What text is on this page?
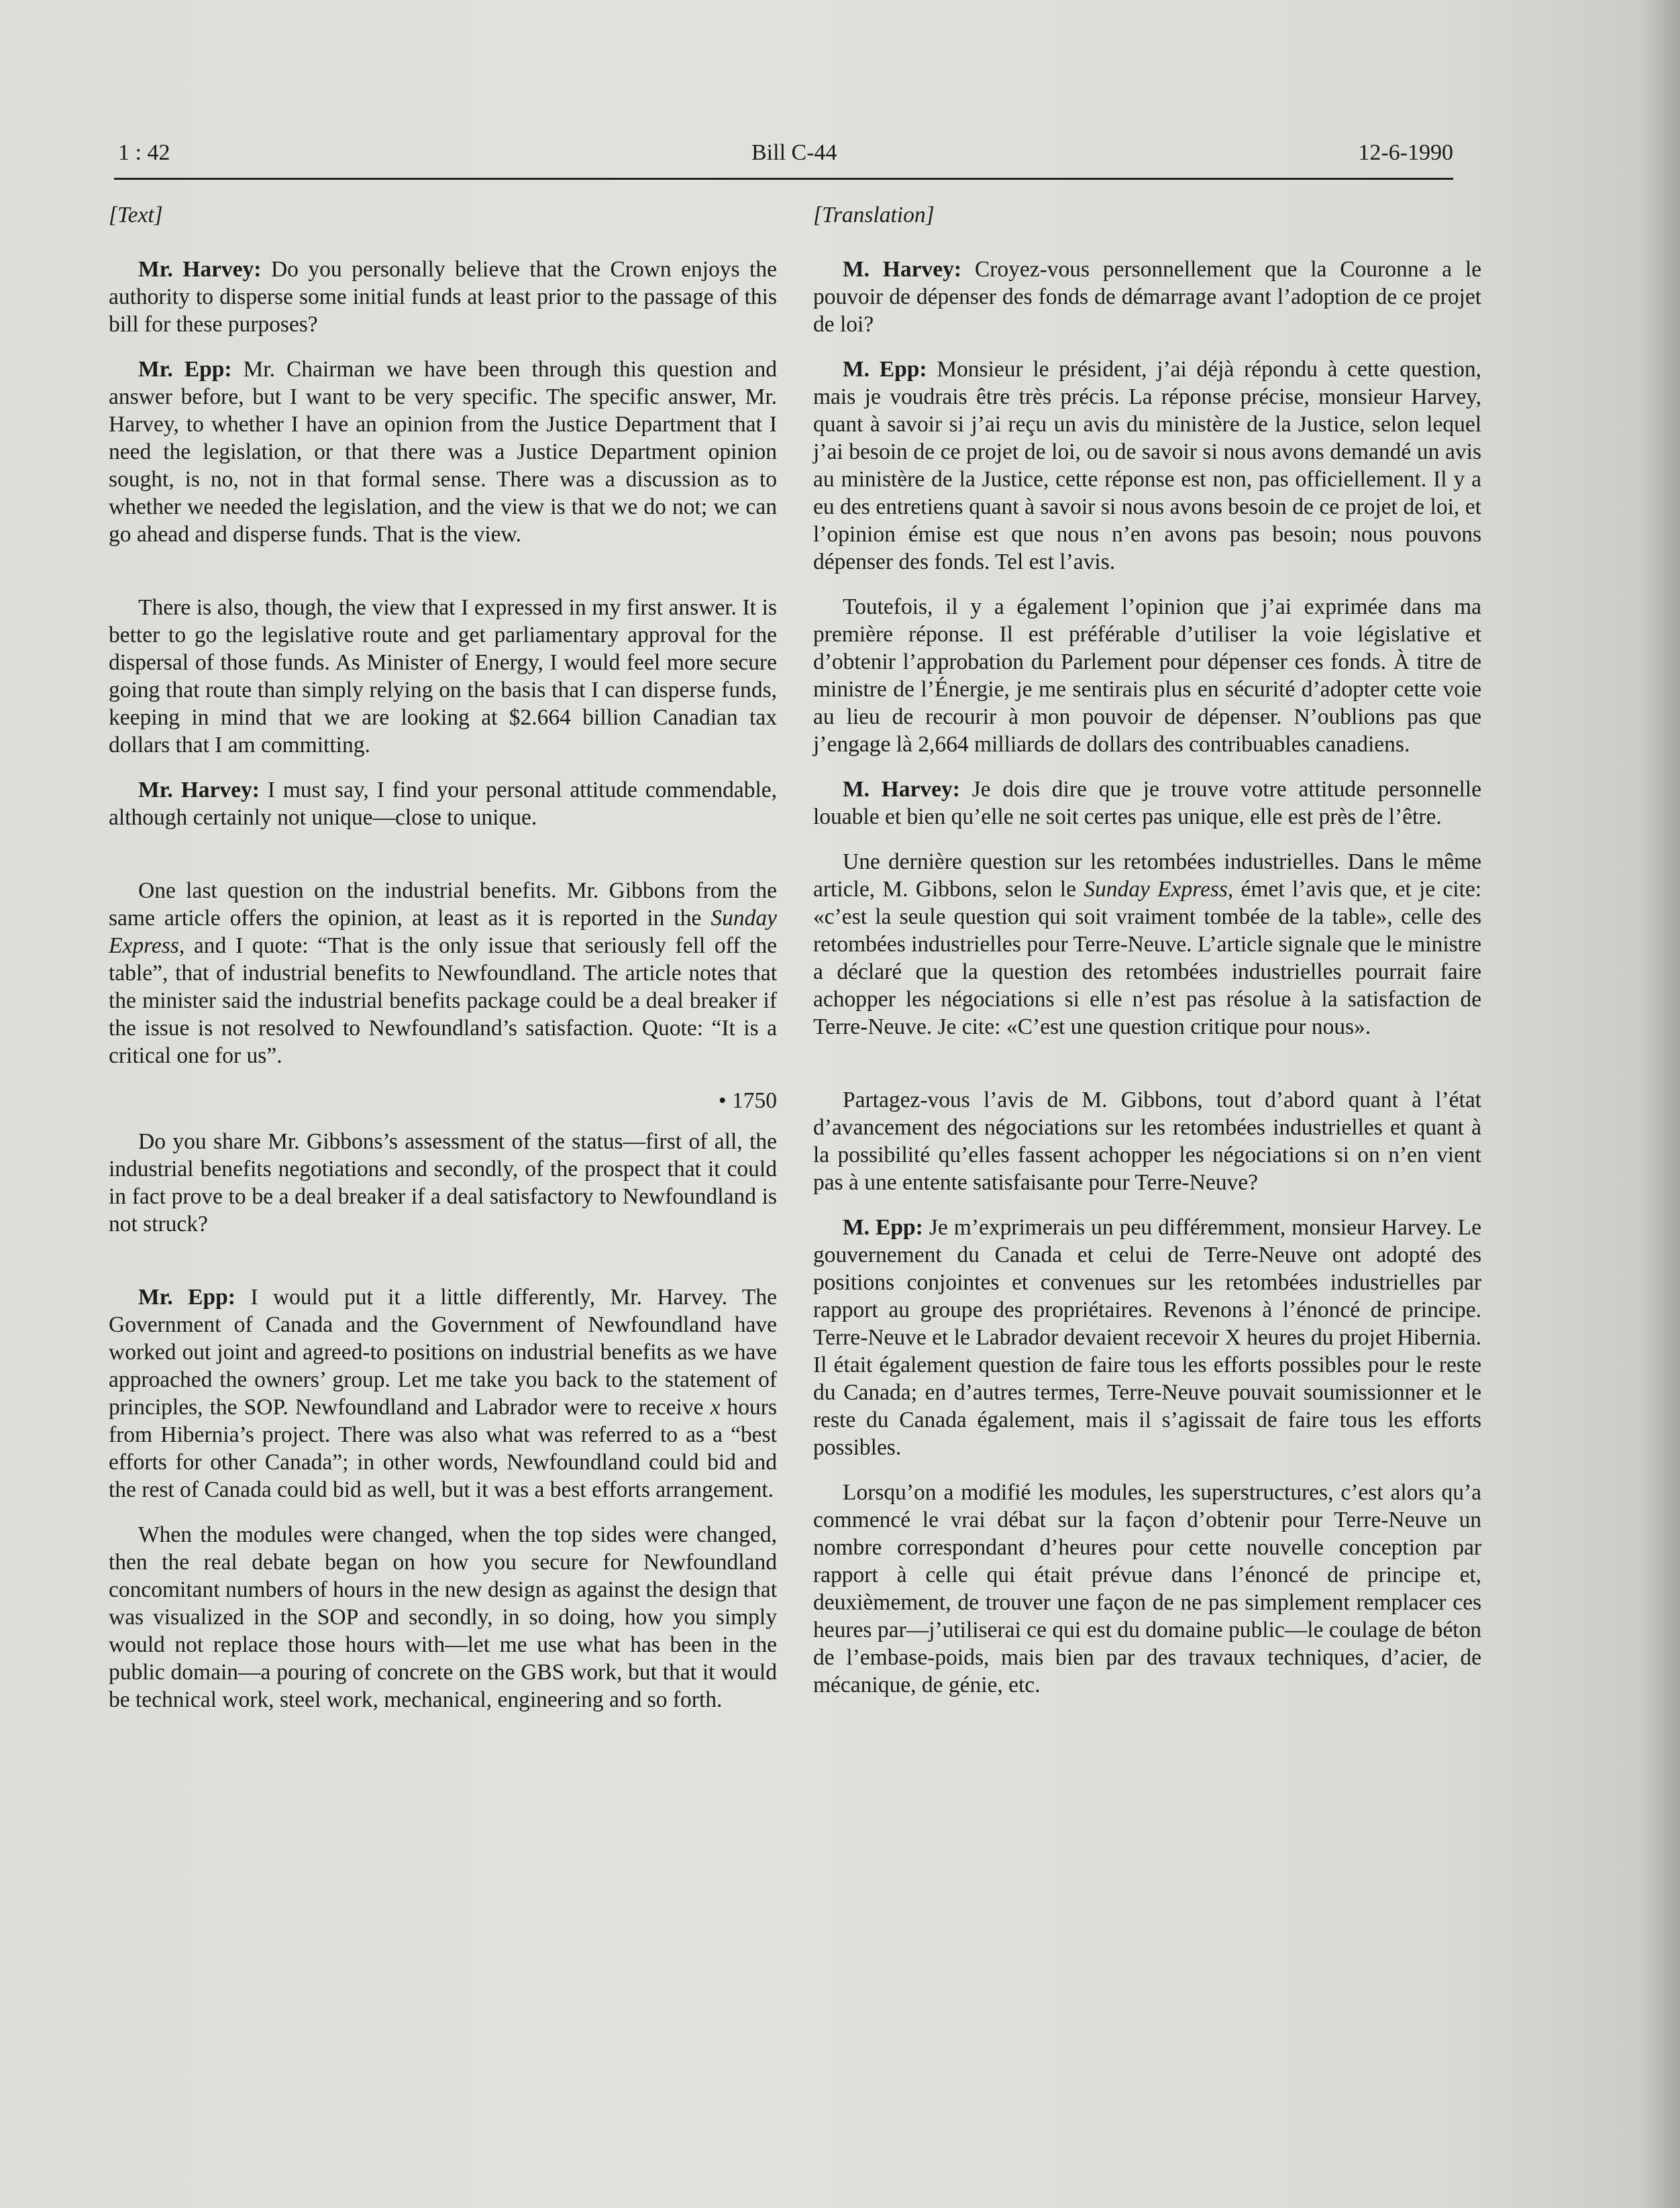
1 : 42	Bill C-44	12-6-1990

[Text]

Mr. Harvey: Do you personally believe that the Crown enjoys the authority to disperse some initial funds at least prior to the passage of this bill for these purposes?

Mr. Epp: Mr. Chairman we have been through this question and answer before, but I want to be very specific. The specific answer, Mr. Harvey, to whether I have an opinion from the Justice Department that I need the legislation, or that there was a Justice Department opinion sought, is no, not in that formal sense. There was a discussion as to whether we needed the legislation, and the view is that we do not; we can go ahead and disperse funds. That is the view.

There is also, though, the view that I expressed in my first answer. It is better to go the legislative route and get parliamentary approval for the dispersal of those funds. As Minister of Energy, I would feel more secure going that route than simply relying on the basis that I can disperse funds, keeping in mind that we are looking at $2.664 billion Canadian tax dollars that I am committing.

Mr. Harvey: I must say, I find your personal attitude commendable, although certainly not unique—close to unique.

One last question on the industrial benefits. Mr. Gibbons from the same article offers the opinion, at least as it is reported in the Sunday Express, and I quote: “That is the only issue that seriously fell off the table”, that of industrial benefits to Newfoundland. The article notes that the minister said the industrial benefits package could be a deal breaker if the issue is not resolved to Newfoundland’s satisfaction. Quote: “It is a critical one for us”.

• 1750

Do you share Mr. Gibbons’s assessment of the status—first of all, the industrial benefits negotiations and secondly, of the prospect that it could in fact prove to be a deal breaker if a deal satisfactory to Newfoundland is not struck?

Mr. Epp: I would put it a little differently, Mr. Harvey. The Government of Canada and the Government of Newfoundland have worked out joint and agreed-to positions on industrial benefits as we have approached the owners’ group. Let me take you back to the statement of principles, the SOP. Newfoundland and Labrador were to receive x hours from Hibernia’s project. There was also what was referred to as a “best efforts for other Canada”; in other words, Newfoundland could bid and the rest of Canada could bid as well, but it was a best efforts arrangement.

When the modules were changed, when the top sides were changed, then the real debate began on how you secure for Newfoundland concomitant numbers of hours in the new design as against the design that was visualized in the SOP and secondly, in so doing, how you simply would not replace those hours with—let me use what has been in the public domain—a pouring of concrete on the GBS work, but that it would be technical work, steel work, mechanical, engineering and so forth.

[Translation]

M. Harvey: Croyez-vous personnellement que la Couronne a le pouvoir de dépenser des fonds de démarrage avant l’adoption de ce projet de loi?

M. Epp: Monsieur le président, j’ai déjà répondu à cette question, mais je voudrais être très précis. La réponse précise, monsieur Harvey, quant à savoir si j’ai reçu un avis du ministère de la Justice, selon lequel j’ai besoin de ce projet de loi, ou de savoir si nous avons demandé un avis au ministère de la Justice, cette réponse est non, pas officiellement. Il y a eu des entretiens quant à savoir si nous avons besoin de ce projet de loi, et l’opinion émise est que nous n’en avons pas besoin; nous pouvons dépenser des fonds. Tel est l’avis.

Toutefois, il y a également l’opinion que j’ai exprimée dans ma première réponse. Il est préférable d’utiliser la voie législative et d’obtenir l’approbation du Parlement pour dépenser ces fonds. À titre de ministre de l’Énergie, je me sentirais plus en sécurité d’adopter cette voie au lieu de recourir à mon pouvoir de dépenser. N’oublions pas que j’engage là 2,664 milliards de dollars des contribuables canadiens.

M. Harvey: Je dois dire que je trouve votre attitude personnelle louable et bien qu’elle ne soit certes pas unique, elle est près de l’être.

Une dernière question sur les retombées industrielles. Dans le même article, M. Gibbons, selon le Sunday Express, émet l’avis que, et je cite: «c’est la seule question qui soit vraiment tombée de la table», celle des retombées industrielles pour Terre-Neuve. L’article signale que le ministre a déclaré que la question des retombées industrielles pourrait faire achopper les négociations si elle n’est pas résolue à la satisfaction de Terre-Neuve. Je cite: «C’est une question critique pour nous».

Partagez-vous l’avis de M. Gibbons, tout d’abord quant à l’état d’avancement des négociations sur les retombées industrielles et quant à la possibilité qu’elles fassent achopper les négociations si on n’en vient pas à une entente satisfaisante pour Terre-Neuve?

M. Epp: Je m’exprimerais un peu différemment, monsieur Harvey. Le gouvernement du Canada et celui de Terre-Neuve ont adopté des positions conjointes et convenues sur les retombées industrielles par rapport au groupe des propriétaires. Revenons à l’énoncé de principe. Terre-Neuve et le Labrador devaient recevoir X heures du projet Hibernia. Il était également question de faire tous les efforts possibles pour le reste du Canada; en d’autres termes, Terre-Neuve pouvait soumissionner et le reste du Canada également, mais il s’agissait de faire tous les efforts possibles.

Lorsqu’on a modifié les modules, les superstructures, c’est alors qu’a commencé le vrai débat sur la façon d’obtenir pour Terre-Neuve un nombre correspondant d’heures pour cette nouvelle conception par rapport à celle qui était prévue dans l’énoncé de principe et, deuxièmement, de trouver une façon de ne pas simplement remplacer ces heures par—j’utiliserai ce qui est du domaine public—le coulage de béton de l’embase-poids, mais bien par des travaux techniques, d’acier, de mécanique, de génie, etc.
